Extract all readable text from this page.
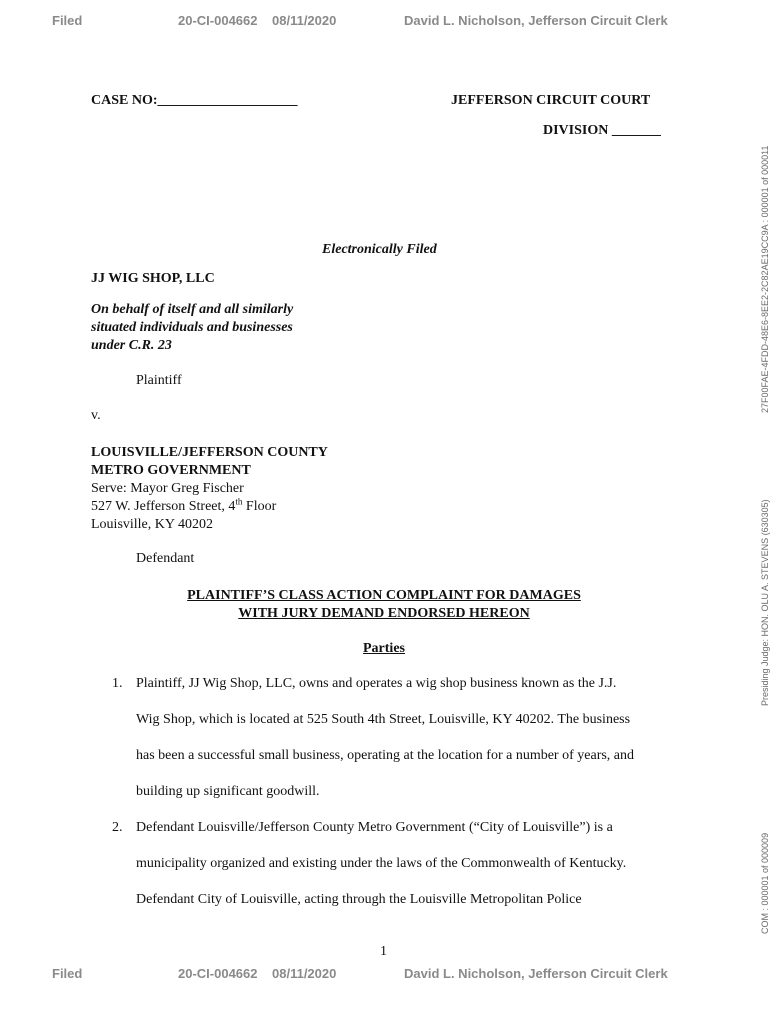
Filed	20-CI-004662 08/11/2020	David L. Nicholson, Jefferson Circuit Clerk
CASE NO:____________________	JEFFERSON CIRCUIT COURT
DIVISION _______
Electronically Filed
JJ WIG SHOP, LLC
On behalf of itself and all similarly
situated individuals and businesses
under C.R. 23
Plaintiff
v.
LOUISVILLE/JEFFERSON COUNTY
METRO GOVERNMENT
Serve: Mayor Greg Fischer
527 W. Jefferson Street, 4th Floor
Louisville, KY 40202
Defendant
PLAINTIFF’S CLASS ACTION COMPLAINT FOR DAMAGES
WITH JURY DEMAND ENDORSED HEREON
Parties
1. Plaintiff, JJ Wig Shop, LLC, owns and operates a wig shop business known as the J.J.
Wig Shop, which is located at 525 South 4th Street, Louisville, KY 40202. The business
has been a successful small business, operating at the location for a number of years, and
building up significant goodwill.
2. Defendant Louisville/Jefferson County Metro Government (“City of Louisville”) is a
municipality organized and existing under the laws of the Commonwealth of Kentucky.
Defendant City of Louisville, acting through the Louisville Metropolitan Police
1
Filed	20-CI-004662 08/11/2020	David L. Nicholson, Jefferson Circuit Clerk
27F00FAE-4FDD-48E6-8EE2-2C82AE19CC9A : 000001 of 000011
Presiding Judge: HON. OLU A. STEVENS (630305)
COM : 000001 of 000009
